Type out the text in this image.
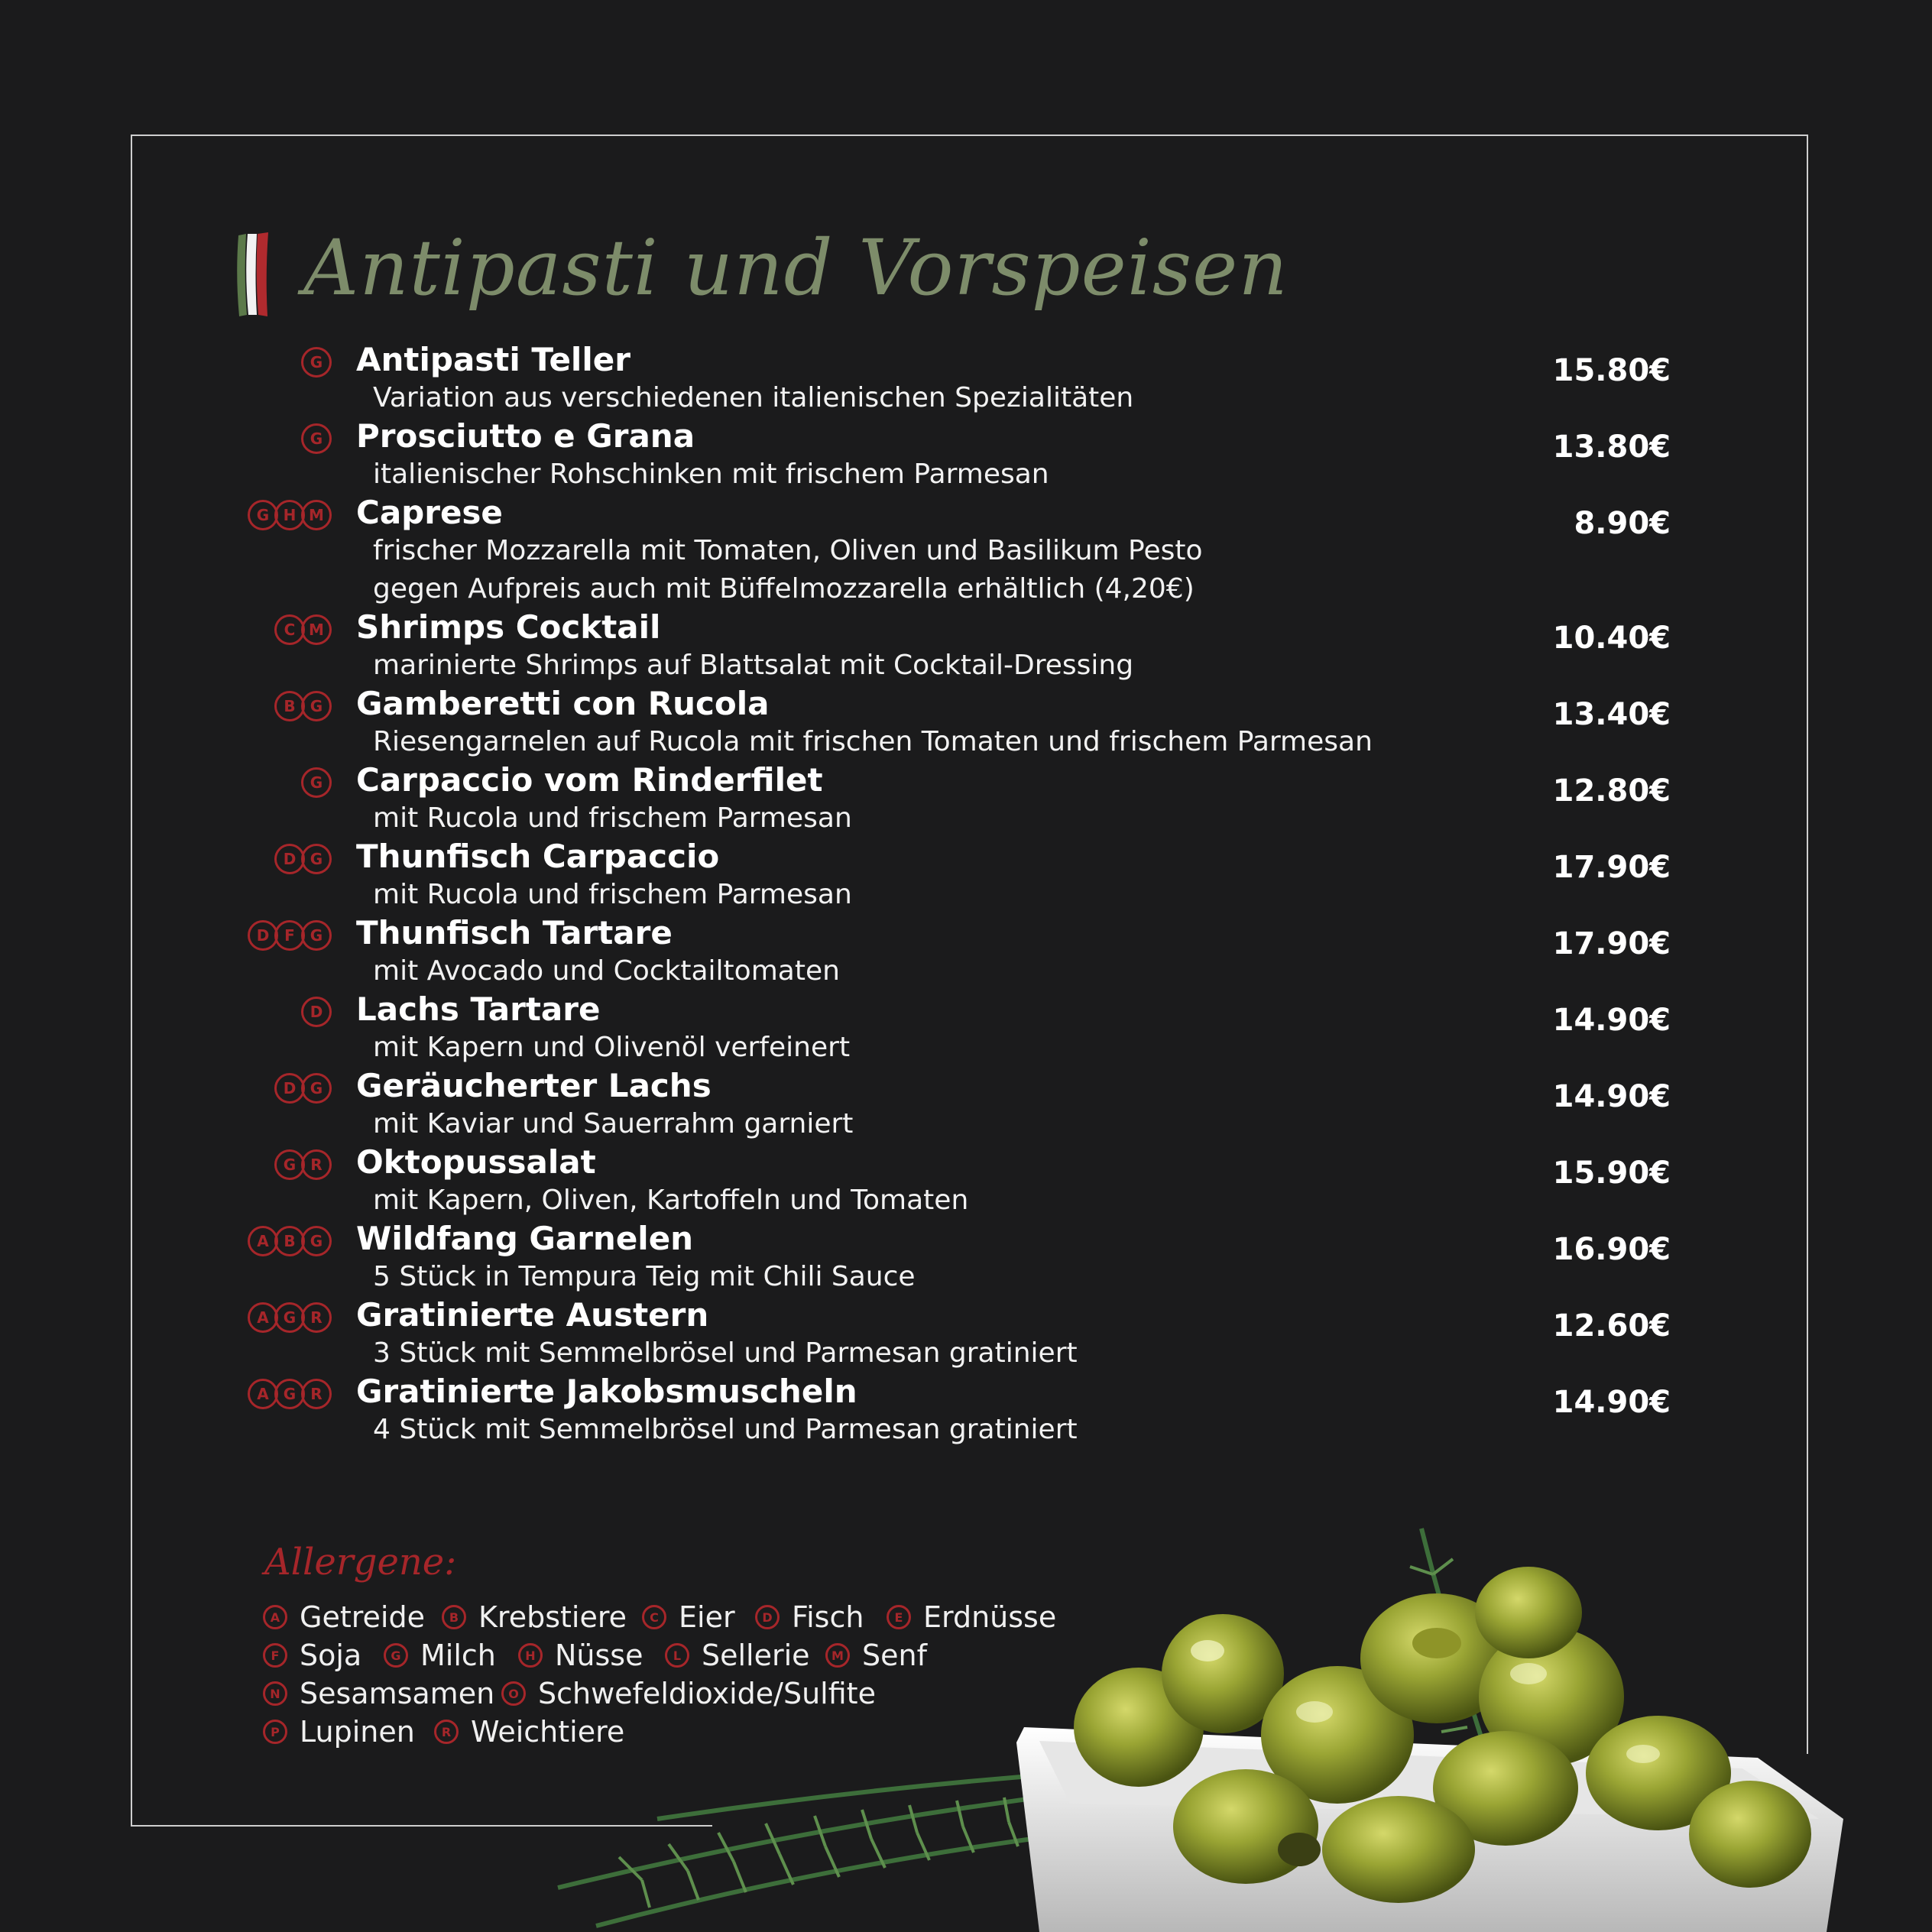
Antipasti und Vorspeisen
G Antipasti Teller
Variation aus verschiedenen italienischen Spezialitäten
15.80€
G Prosciutto e Grana
italienischer Rohschinken mit frischem Parmesan
13.80€
G H M Caprese
frischer Mozzarella mit Tomaten, Oliven und Basilikum Pesto
gegen Aufpreis auch mit Büffelmozzarella erhältlich (4,20€)
8.90€
C M Shrimps Cocktail
marinierte Shrimps auf Blattsalat mit Cocktail-Dressing
10.40€
B G Gamberetti con Rucola
Riesengarnelen auf Rucola mit frischen Tomaten und frischem Parmesan
13.40€
G Carpaccio vom Rinderfilet
mit Rucola und frischem Parmesan
12.80€
D G Thunfisch Carpaccio
mit Rucola und frischem Parmesan
17.90€
D F G Thunfisch Tartare
mit Avocado und Cocktailtomaten
17.90€
D Lachs Tartare
mit Kapern und Olivenöl verfeinert
14.90€
D G Geräucherter Lachs
mit Kaviar und Sauerrahm garniert
14.90€
G R Oktopussalat
mit Kapern, Oliven, Kartoffeln und Tomaten
15.90€
A B G Wildfang Garnelen
5 Stück in Tempura Teig mit Chili Sauce
16.90€
A G R Gratinierte Austern
3 Stück mit Semmelbrösel und Parmesan gratiniert
12.60€
A G R Gratinierte Jakobsmuscheln
4 Stück mit Semmelbrösel und Parmesan gratiniert
14.90€
Allergene:
A Getreide	B Krebstiere	C Eier	D Fisch	E Erdnüsse
F Soja	G Milch	H Nüsse	L Sellerie	M Senf
N Sesamsamen	O Schwefeldioxide/Sulfite
P Lupinen	R Weichtiere
